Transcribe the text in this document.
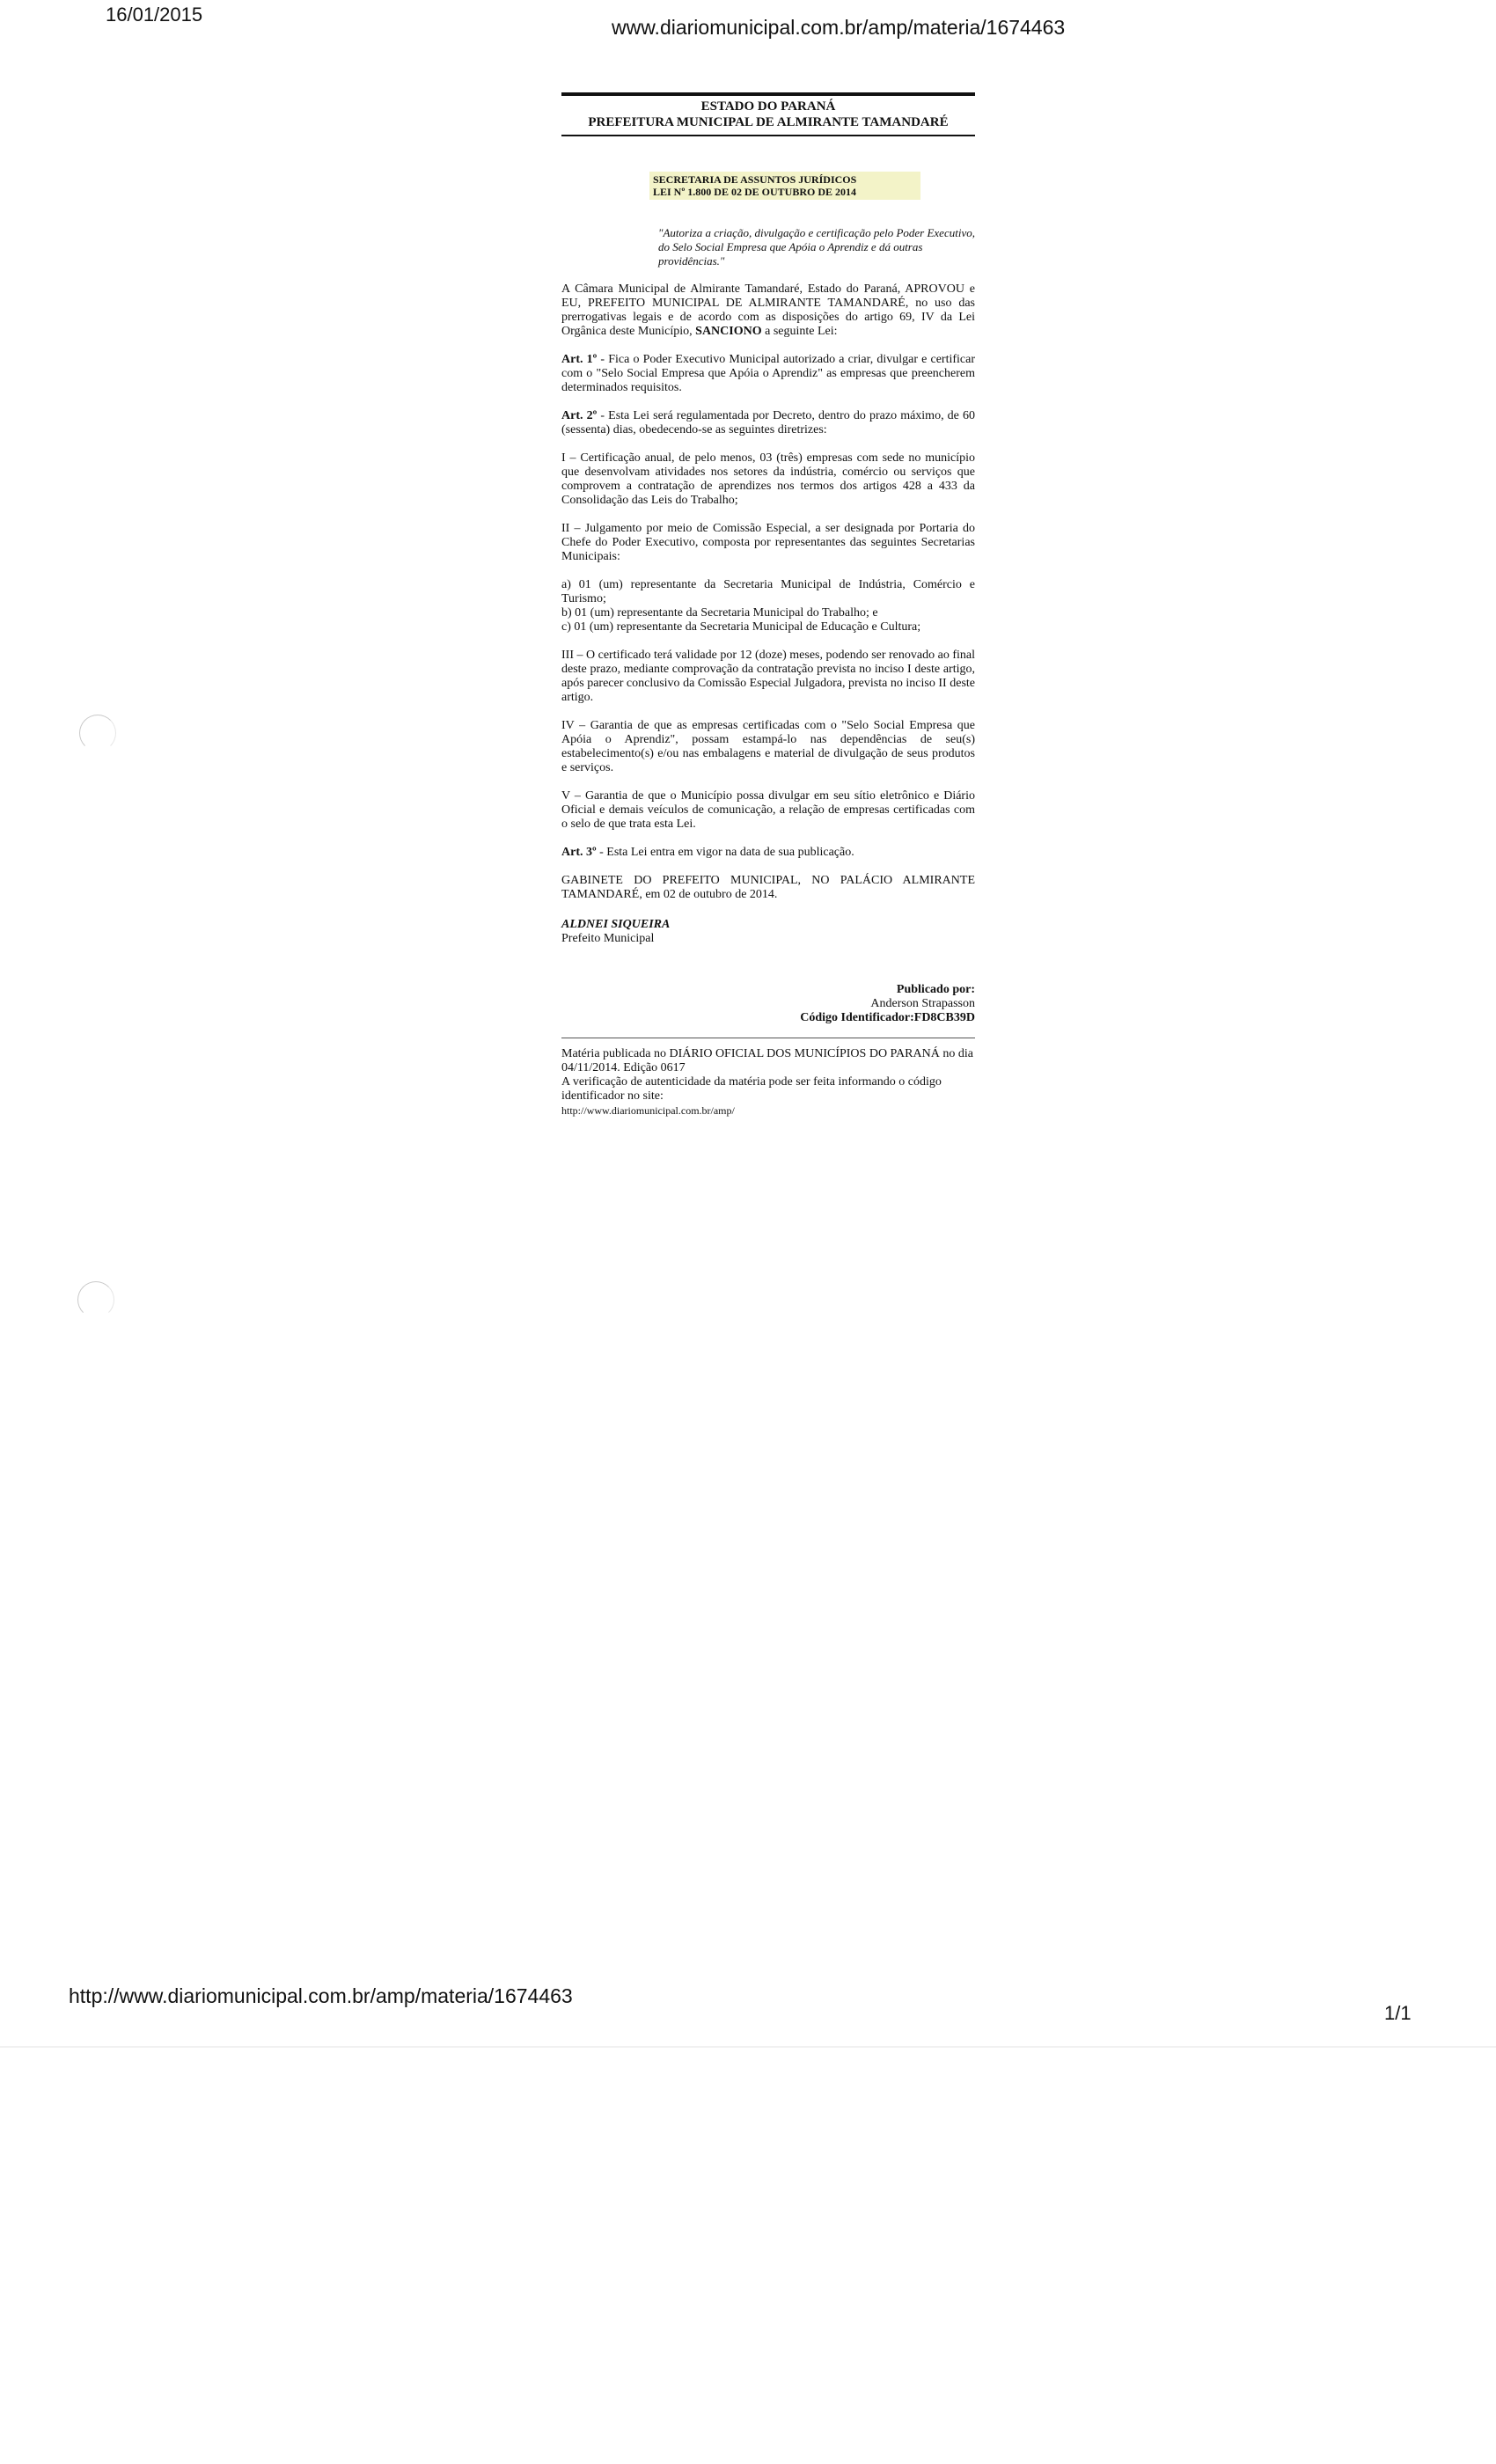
16/01/2015
www.diariomunicipal.com.br/amp/materia/1674463
ESTADO DO PARANÁ
PREFEITURA MUNICIPAL DE ALMIRANTE TAMANDARÉ
SECRETARIA DE ASSUNTOS JURÍDICOS
LEI Nº 1.800 DE 02 DE OUTUBRO DE 2014
"Autoriza a criação, divulgação e certificação pelo Poder Executivo, do Selo Social Empresa que Apóia o Aprendiz e dá outras providências."
A Câmara Municipal de Almirante Tamandaré, Estado do Paraná, APROVOU e EU, PREFEITO MUNICIPAL DE ALMIRANTE TAMANDARÉ, no uso das prerrogativas legais e de acordo com as disposições do artigo 69, IV da Lei Orgânica deste Município, SANCIONO a seguinte Lei:
Art. 1º - Fica o Poder Executivo Municipal autorizado a criar, divulgar e certificar com o "Selo Social Empresa que Apóia o Aprendiz" as empresas que preencherem determinados requisitos.
Art. 2º - Esta Lei será regulamentada por Decreto, dentro do prazo máximo, de 60 (sessenta) dias, obedecendo-se as seguintes diretrizes:
I – Certificação anual, de pelo menos, 03 (três) empresas com sede no município que desenvolvam atividades nos setores da indústria, comércio ou serviços que comprovem a contratação de aprendizes nos termos dos artigos 428 a 433 da Consolidação das Leis do Trabalho;
II – Julgamento por meio de Comissão Especial, a ser designada por Portaria do Chefe do Poder Executivo, composta por representantes das seguintes Secretarias Municipais:
a) 01 (um) representante da Secretaria Municipal de Indústria, Comércio e Turismo;
b) 01 (um) representante da Secretaria Municipal do Trabalho; e
c) 01 (um) representante da Secretaria Municipal de Educação e Cultura;
III – O certificado terá validade por 12 (doze) meses, podendo ser renovado ao final deste prazo, mediante comprovação da contratação prevista no inciso I deste artigo, após parecer conclusivo da Comissão Especial Julgadora, prevista no inciso II deste artigo.
IV – Garantia de que as empresas certificadas com o "Selo Social Empresa que Apóia o Aprendiz", possam estampá-lo nas dependências de seu(s) estabelecimento(s) e/ou nas embalagens e material de divulgação de seus produtos e serviços.
V – Garantia de que o Município possa divulgar em seu sítio eletrônico e Diário Oficial e demais veículos de comunicação, a relação de empresas certificadas com o selo de que trata esta Lei.
Art. 3º - Esta Lei entra em vigor na data de sua publicação.
GABINETE DO PREFEITO MUNICIPAL, NO PALÁCIO ALMIRANTE TAMANDARÉ, em 02 de outubro de 2014.
ALDNEI SIQUEIRA
Prefeito Municipal
Publicado por:
Anderson Strapasson
Código Identificador:FD8CB39D
Matéria publicada no DIÁRIO OFICIAL DOS MUNICÍPIOS DO PARANÁ no dia 04/11/2014. Edição 0617
A verificação de autenticidade da matéria pode ser feita informando o código identificador no site:
http://www.diariomunicipal.com.br/amp/
http://www.diariomunicipal.com.br/amp/materia/1674463
1/1
